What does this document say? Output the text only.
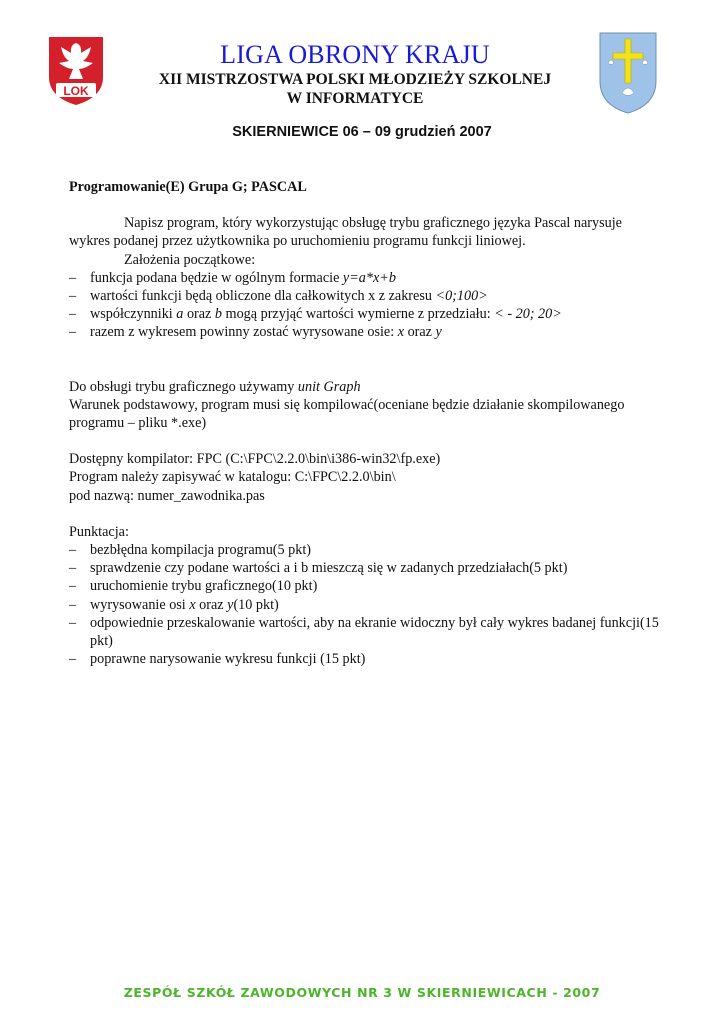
LOK
LIGA OBRONY KRAJU
XII MISTRZOSTWA POLSKI MŁODZIEŻY SZKOLNEJ
W INFORMATYCE
SKIERNIEWICE 06 – 09 grudzień 2007

Programowanie(E) Grupa G; PASCAL

Napisz program, który wykorzystując obsługę trybu graficznego języka Pascal narysuje wykres podanej przez użytkownika po uruchomieniu programu funkcji liniowej.

Założenia początkowe:

– funkcja podana będzie w ogólnym formacie y=a*x+b
– wartości funkcji będą obliczone dla całkowitych x z zakresu <0;100>
– współczynniki a oraz b mogą przyjąć wartości wymierne z przedziału: < - 20; 20>
– razem z wykresem powinny zostać wyrysowane osie: x oraz y

Do obsługi trybu graficznego używamy unit Graph

Warunek podstawowy, program musi się kompilować(oceniane będzie działanie skompilowanego programu – pliku *.exe)

Dostępny kompilator: FPC (C:\FPC\2.2.0\bin\i386-win32\fp.exe)

Program należy zapisywać w katalogu: C:\FPC\2.2.0\bin\

pod nazwą: numer_zawodnika.pas

Punktacja:

– bezbłędna kompilacja programu(5 pkt)
– sprawdzenie czy podane wartości a i b mieszczą się w zadanych przedziałach(5 pkt)
– uruchomienie trybu graficznego(10 pkt)
– wyrysowanie osi x oraz y(10 pkt)
– odpowiednie przeskalowanie wartości, aby na ekranie widoczny był cały wykres badanej funkcji(15 pkt)
– poprawne narysowanie wykresu funkcji (15 pkt)
ZESPÓŁ SZKÓŁ ZAWODOWYCH NR 3 W SKIERNIEWICACH - 2007
